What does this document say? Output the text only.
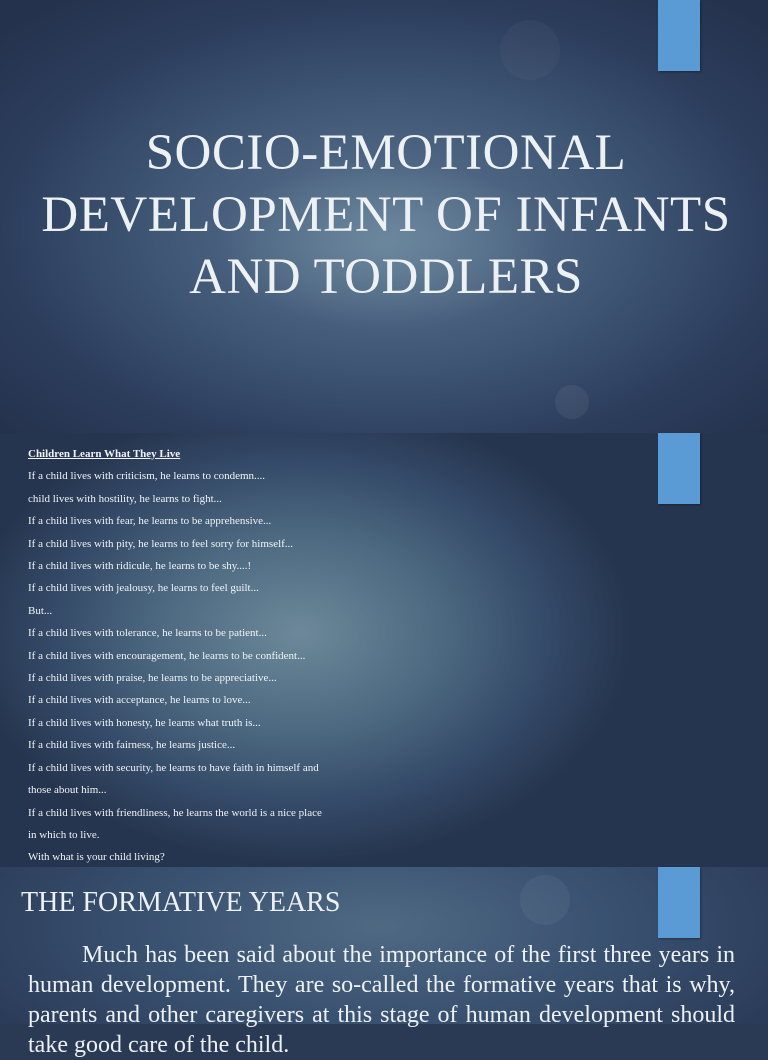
SOCIO-EMOTIONAL
DEVELOPMENT OF INFANTS
AND TODDLERS
Children Learn What They Live
If a child lives with criticism, he learns to condemn....
child lives with hostility, he learns to fight...
If a child lives with fear, he learns to be apprehensive...
If a child lives with pity, he learns to feel sorry for himself...
If a child lives with ridicule, he learns to be shy....!
If a child lives with jealousy, he learns to feel guilt...
But...
If a child lives with tolerance, he learns to be patient...
If a child lives with encouragement, he learns to be confident...
If a child lives with praise, he learns to be appreciative...
If a child lives with acceptance, he learns to love...
If a child lives with honesty, he learns what truth is...
If a child lives with fairness, he learns justice...
If a child lives with security, he learns to have faith in himself and
those about him...
If a child lives with friendliness, he learns the world is a nice place
in which to live.
With what is your child living?
THE FORMATIVE YEARS

Much has been said about the importance of the first three years in human development. They are so-called the formative years that is why, parents and other caregivers at this stage of human development should take good care of the child.
